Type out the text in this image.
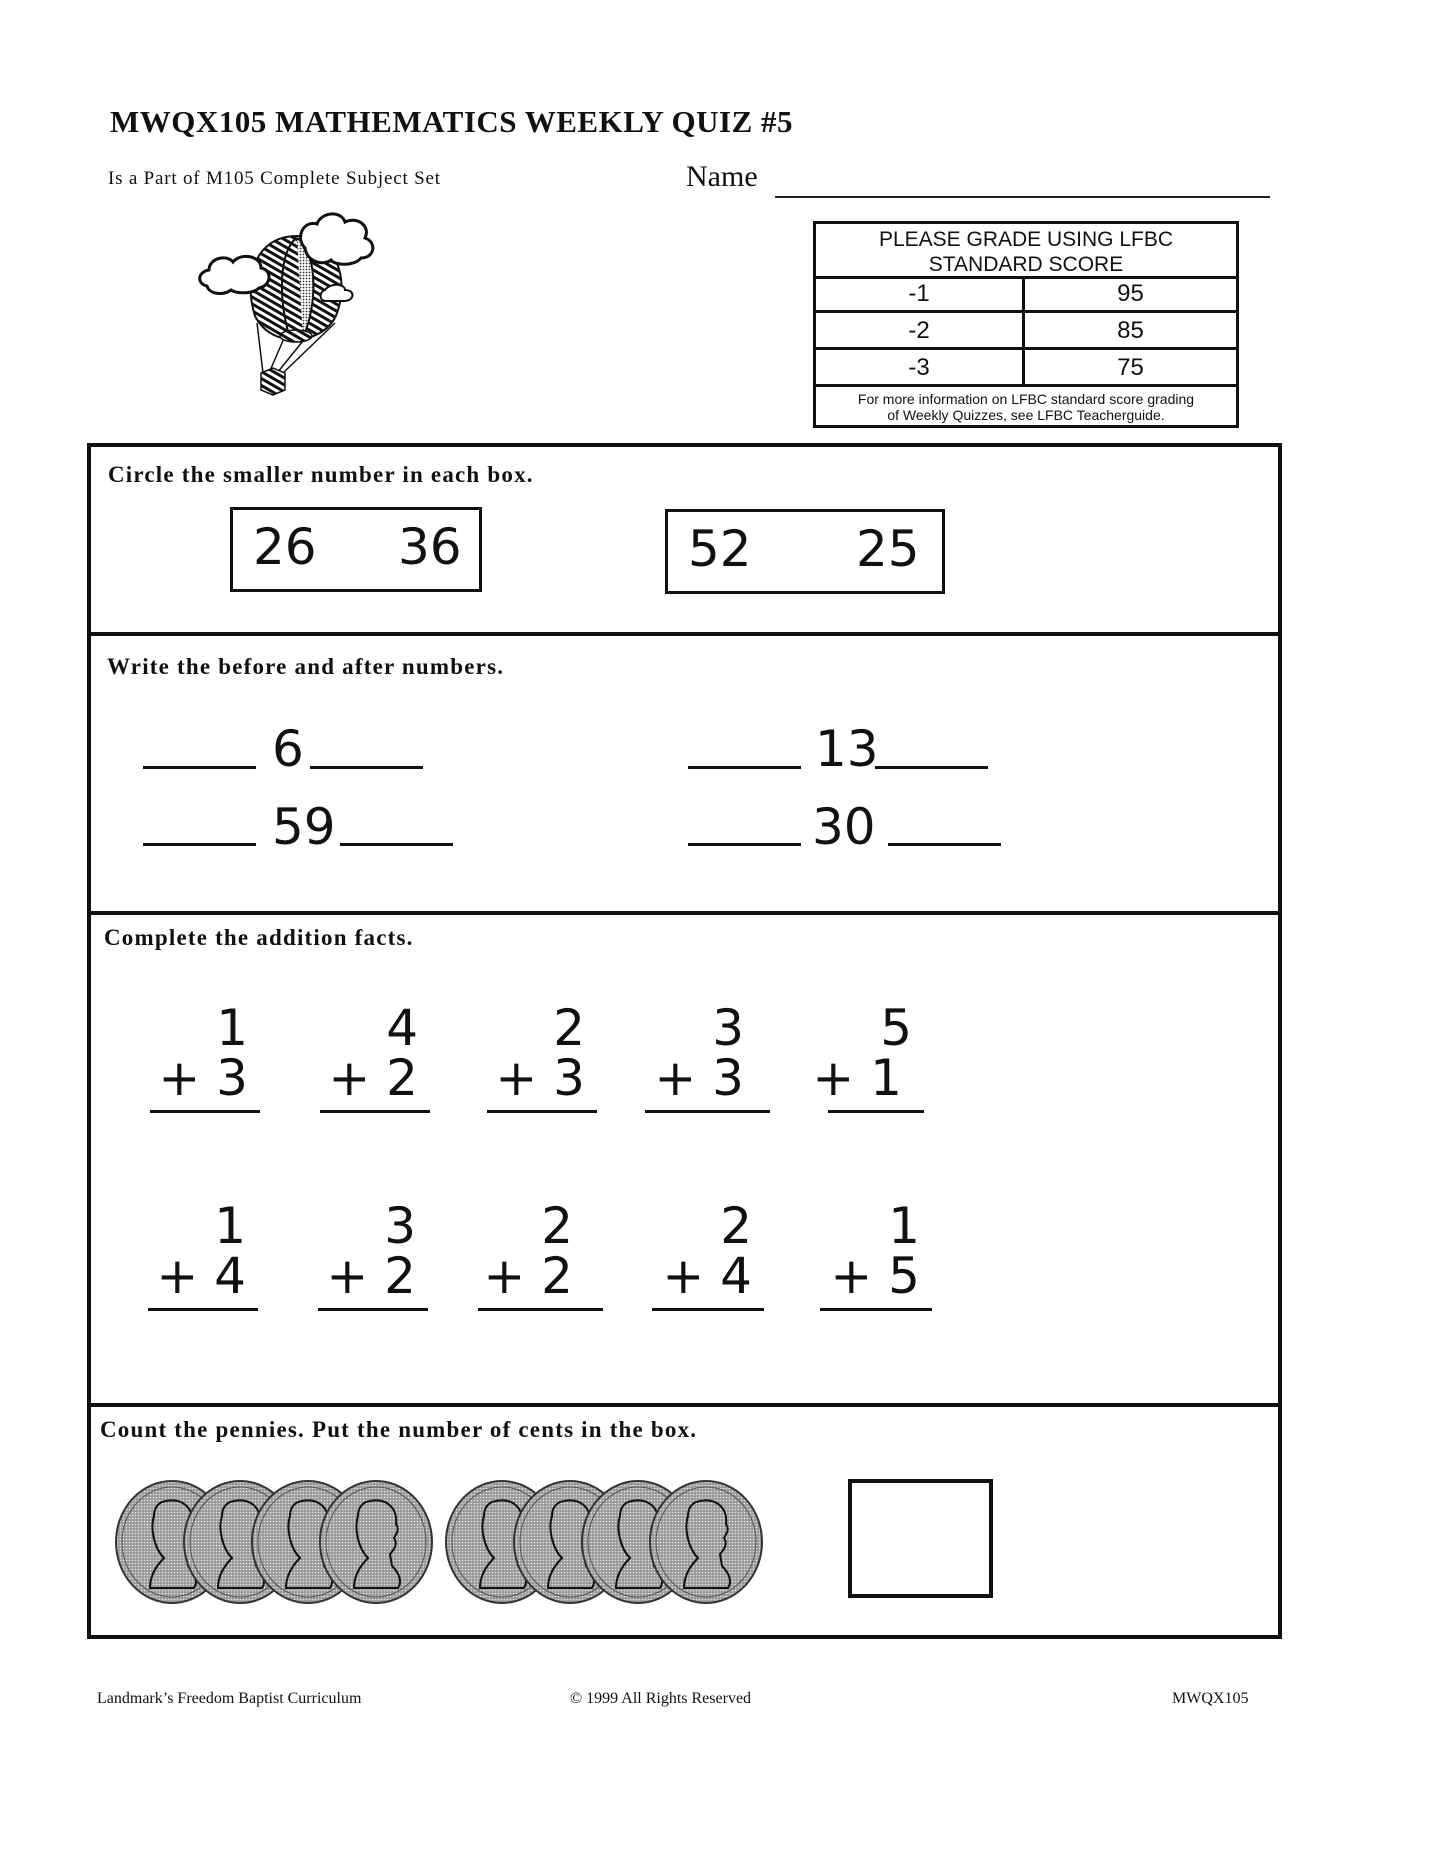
MWQX105 MATHEMATICS WEEKLY QUIZ #5
Is a Part of M105 Complete Subject Set	Name
PLEASE GRADE USING LFBC
STANDARD SCORE
-1	95
-2	85
-3	75
For more information on LFBC standard score grading
of Weekly Quizzes, see LFBC Teacherguide.
Circle the smaller number in each box.
26 36	52 25
Write the before and after numbers.
6	13
59	30
Complete the addition facts.
1
+ 3
4
+ 2
2
+ 3
3
+ 3
5
+ 1
1
+ 4
3
+ 2
2
+ 2
2
+ 4
1
+ 5
Count the pennies. Put the number of cents in the box.
Landmark’s Freedom Baptist Curriculum	© 1999 All Rights Reserved	MWQX105
